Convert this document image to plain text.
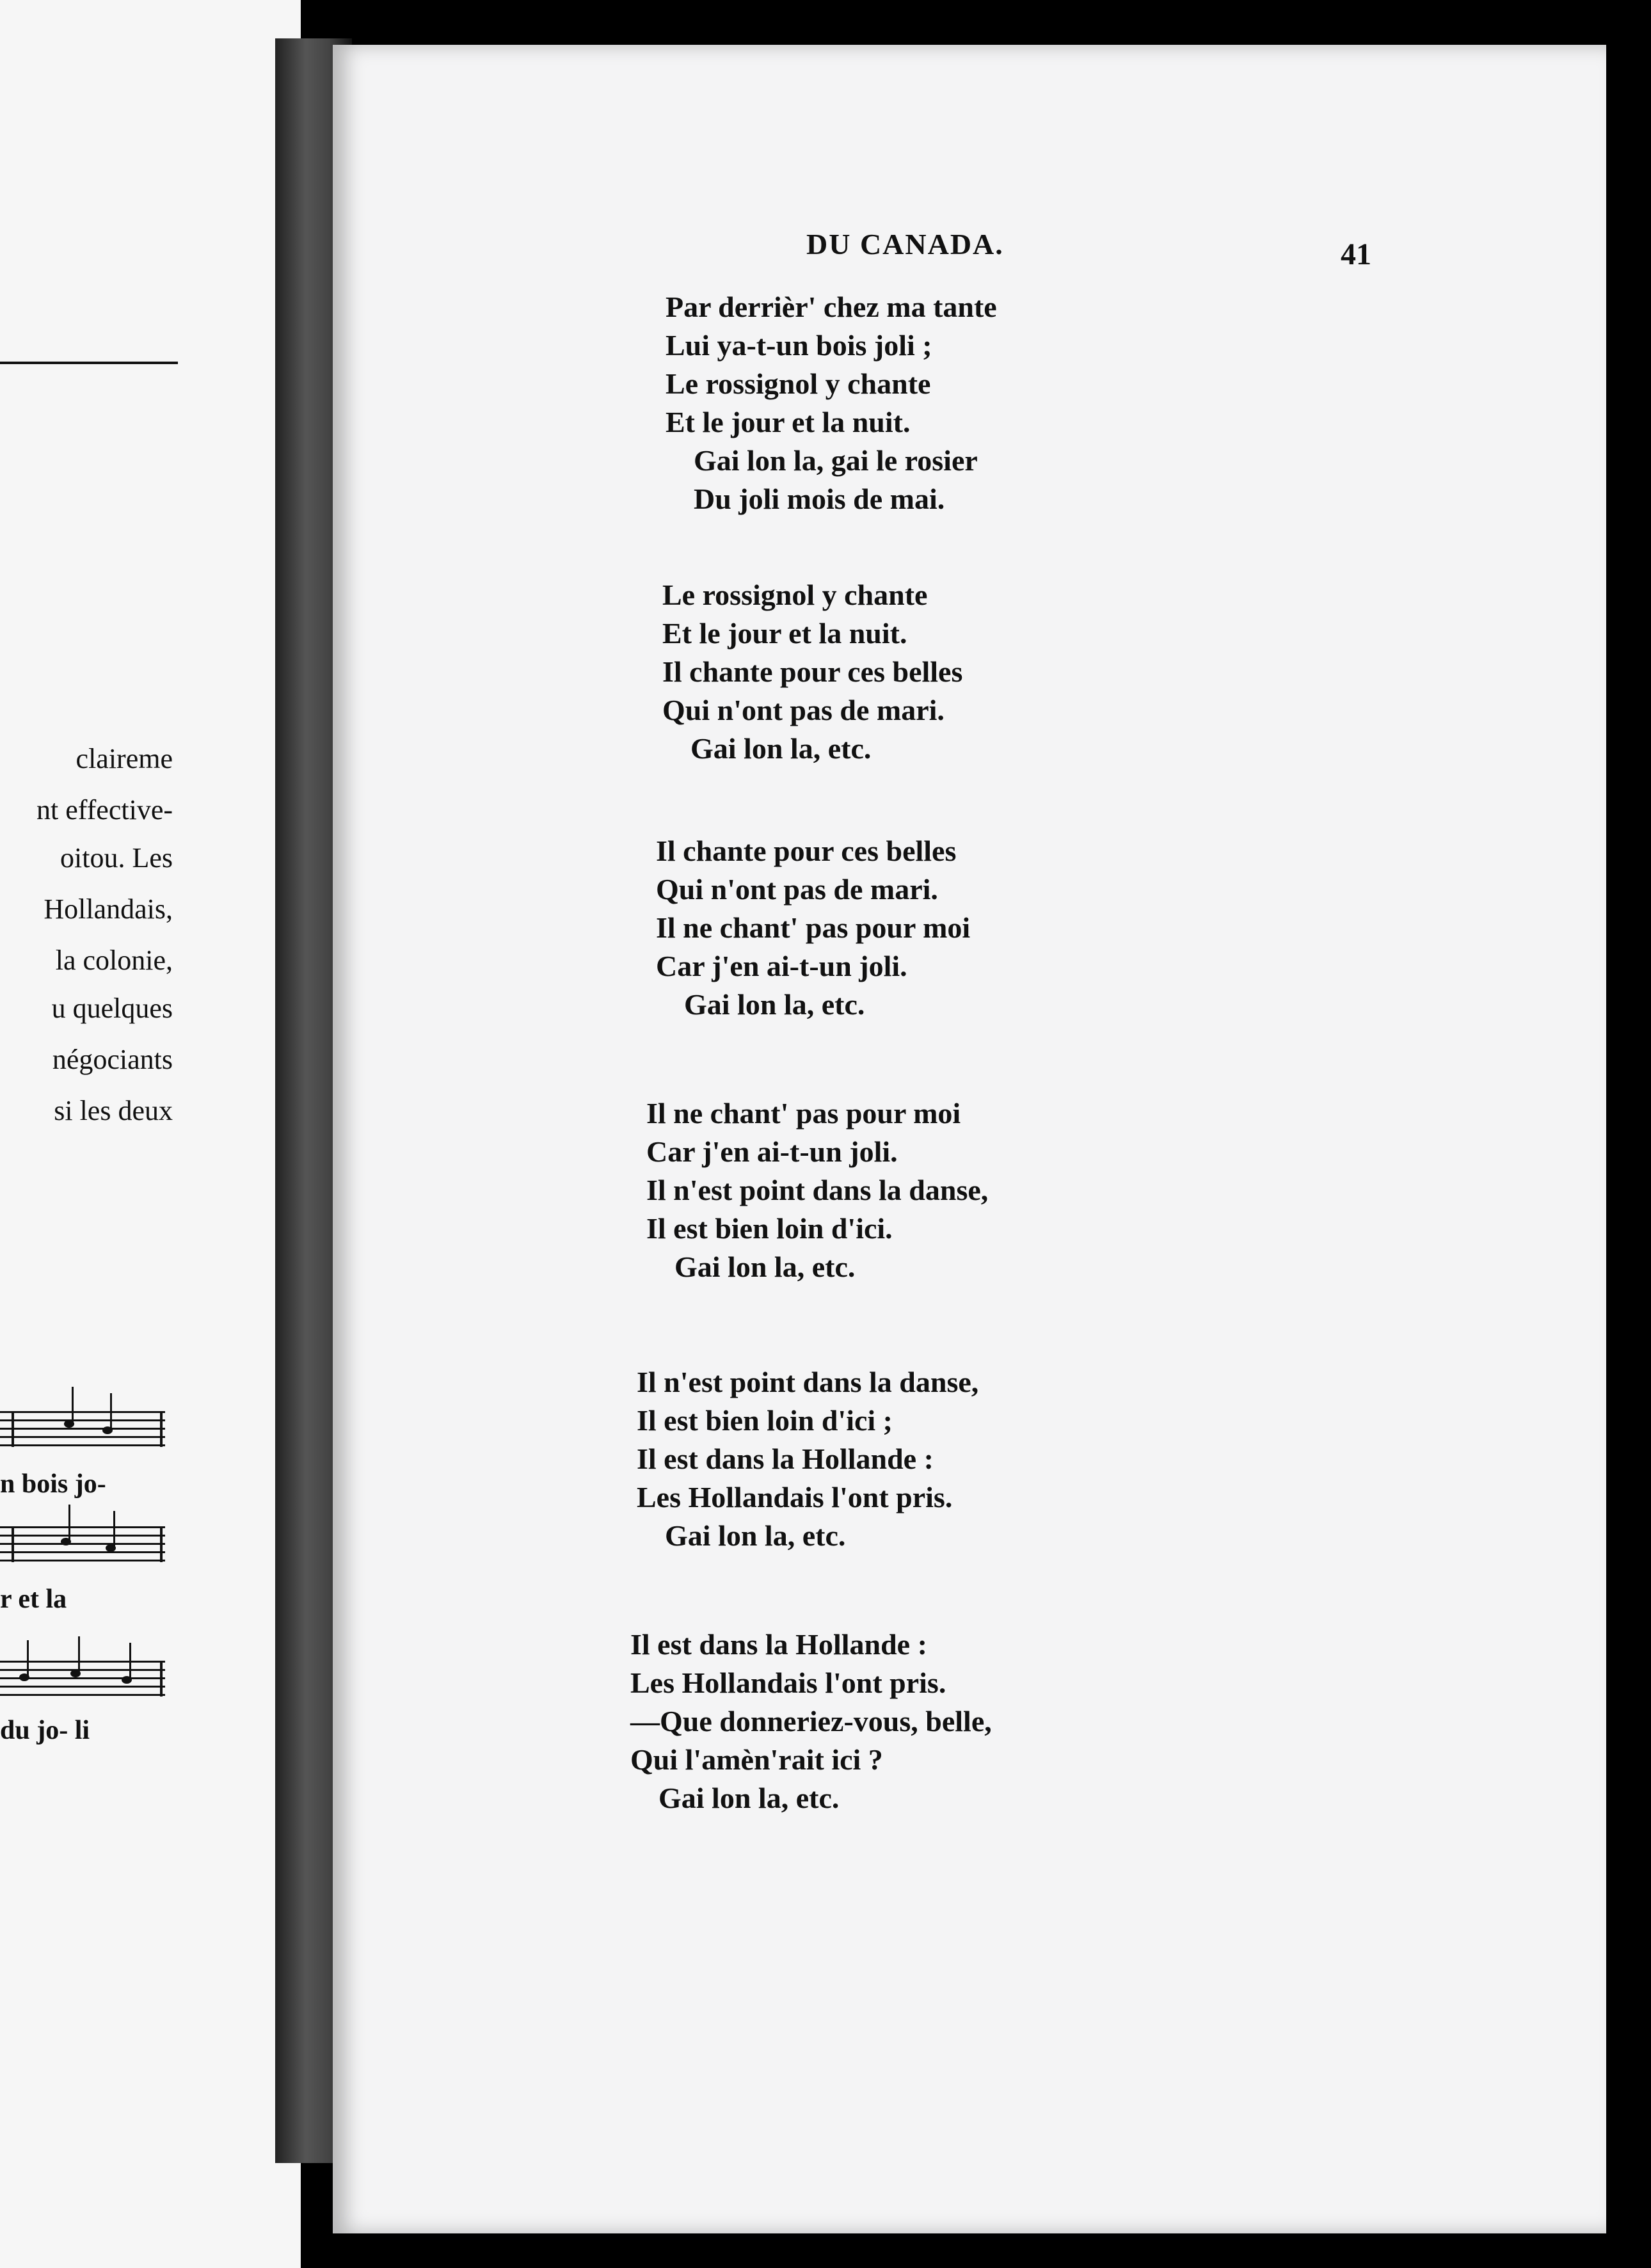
claireme
nt effective-
oitou. Les
Hollandais,
la colonie,
u quelques
négociants
si les deux
n bois jo-
r et la
du jo- li
DU CANADA.	41
Par derrièr' chez ma tante
Lui ya-t-un bois joli ;
Le rossignol y chante
Et le jour et la nuit.
Gai lon la, gai le rosier
Du joli mois de mai.
Le rossignol y chante
Et le jour et la nuit.
Il chante pour ces belles
Qui n'ont pas de mari.
Gai lon la, etc.
Il chante pour ces belles
Qui n'ont pas de mari.
Il ne chant' pas pour moi
Car j'en ai-t-un joli.
Gai lon la, etc.
Il ne chant' pas pour moi
Car j'en ai-t-un joli.
Il n'est point dans la danse,
Il est bien loin d'ici.
Gai lon la, etc.
Il n'est point dans la danse,
Il est bien loin d'ici ;
Il est dans la Hollande :
Les Hollandais l'ont pris.
Gai lon la, etc.
Il est dans la Hollande :
Les Hollandais l'ont pris.
—Que donneriez-vous, belle,
Qui l'amèn'rait ici ?
Gai lon la, etc.
